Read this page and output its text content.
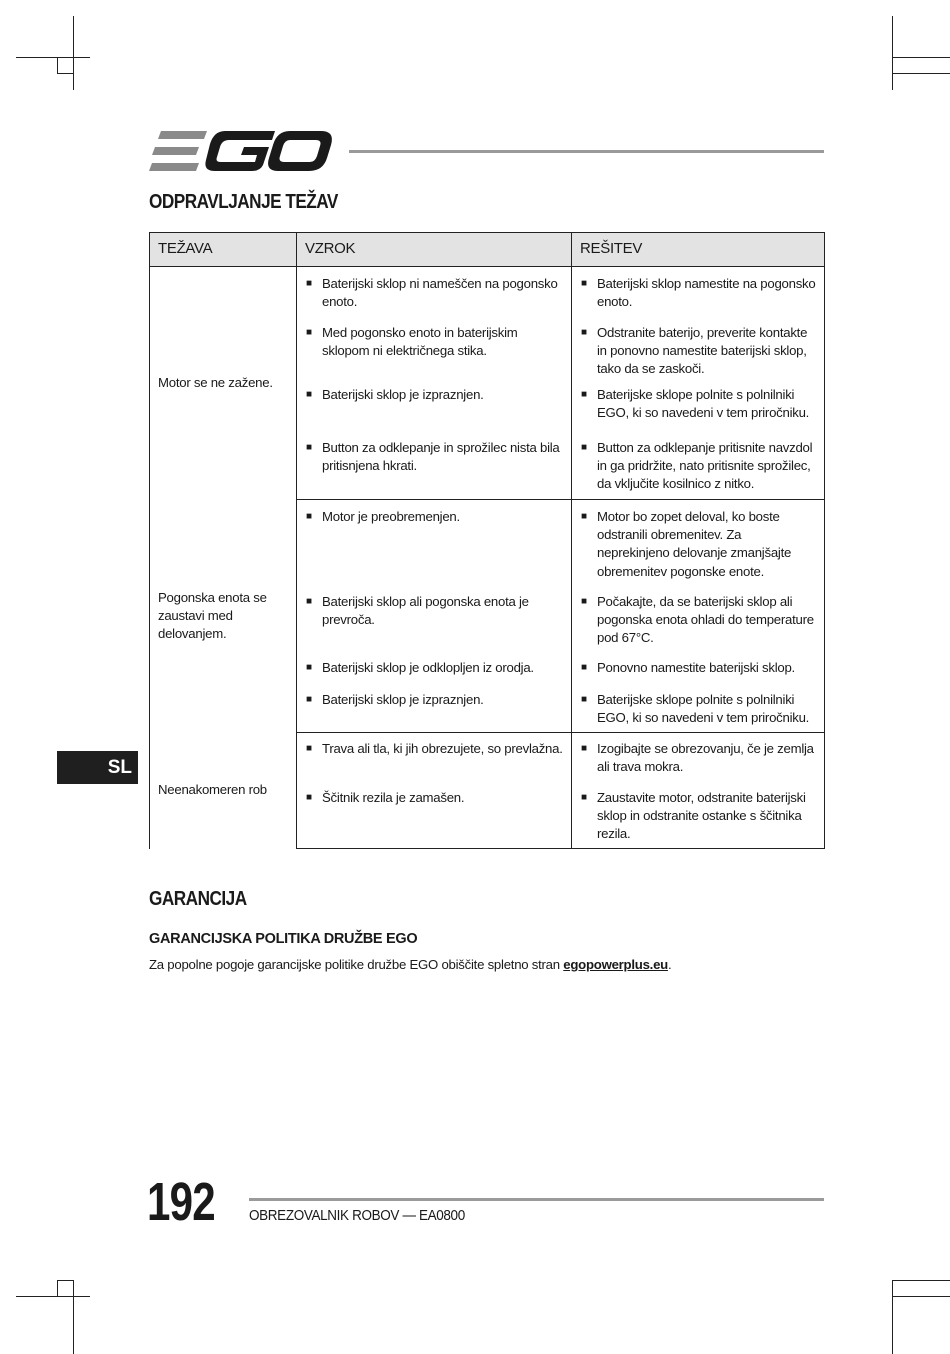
ODPRAVLJANJE TEŽAV
TEŽAVA	VZROK	REŠITEV
Motor se ne zažene.	■ Baterijski sklop ni nameščen na pogonsko enoto.	■ Baterijski sklop namestite na pogonsko enoto.

	■ Med pogonsko enoto in baterijskim sklopom ni električnega stika.	■ Odstranite baterijo, preverite kontakte in ponovno namestite baterijski sklop, tako da se zaskoči.

	■ Baterijski sklop je izpraznjen.	■ Baterijske sklope polnite s polnilniki EGO, ki so navedeni v tem priročniku.

	■ Button za odklepanje in sprožilec nista bila pritisnjena hkrati.	■ Button za odklepanje pritisnite navzdol in ga pridržite, nato pritisnite sprožilec, da vključite kosilnico z nitko.

Pogonska enota se zaustavi med delovanjem.	■ Motor je preobremenjen.	■ Motor bo zopet deloval, ko boste odstranili obremenitev. Za neprekinjeno delovanje zmanjšajte obremenitev pogonske enote.

	■ Baterijski sklop ali pogonska enota je prevroča.	■ Počakajte, da se baterijski sklop ali pogonska enota ohladi do temperature pod 67°C.

	■ Baterijski sklop je odklopljen iz orodja.	■ Ponovno namestite baterijski sklop.

	■ Baterijski sklop je izpraznjen.	■ Baterijske sklope polnite s polnilniki EGO, ki so navedeni v tem priročniku.

Neenakomeren rob	■ Trava ali tla, ki jih obrezujete, so prevlažna.	■ Izogibajte se obrezovanju, če je zemlja ali trava mokra.

	■ Ščitnik rezila je zamašen.	■ Zaustavite motor, odstranite baterijski sklop in odstranite ostanke s ščitnika rezila.
SL
GARANCIJA
GARANCIJSKA POLITIKA DRUŽBE EGO

Za popolne pogoje garancijske politike družbe EGO obiščite spletno stran egopowerplus.eu.

192 OBREZOVALNIK ROBOV — EA0800
